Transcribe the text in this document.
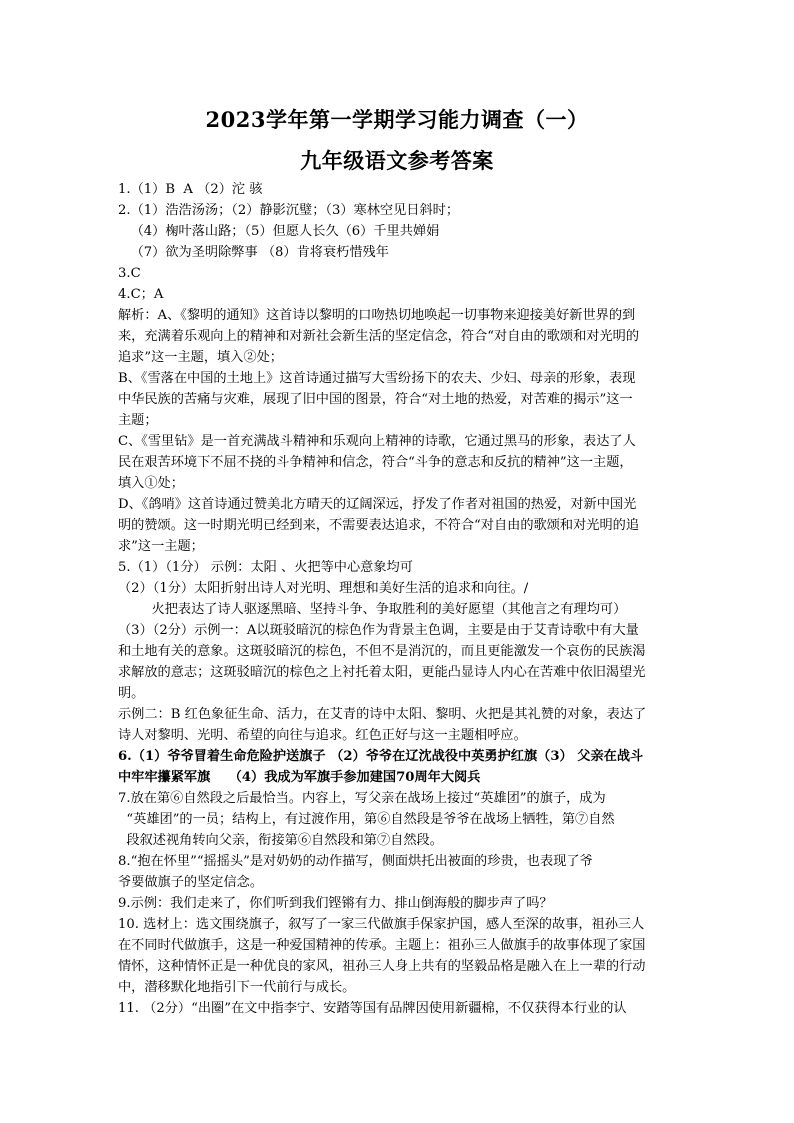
2023学年第一学期学习能力调查（一）
九年级语文参考答案
1.（1）B  A （2）沱 骇
2.（1）浩浩汤汤；（2）静影沉璧；（3）寒林空见日斜时；
（4）椈叶落山路；（5）但愿人长久（6）千里共婵娟
（7）欲为圣明除弊事 （8）肯将衰朽惜残年
3.C
4.C；A
解析：A、《黎明的通知》这首诗以黎明的口吻热切地唤起一切事物来迎接美好新世界的到
来，充满着乐观向上的精神和对新社会新生活的坚定信念，符合“对自由的歌颂和对光明的
追求”这一主题，填入②处；
B、《雪落在中国的土地上》这首诗通过描写大雪纷扬下的农夫、少妇、母亲的形象，表现
中华民族的苦痛与灾难，展现了旧中国的图景，符合“对土地的热爱，对苦难的揭示”这一
主题；
C、《雪里钻》是一首充满战斗精神和乐观向上精神的诗歌，它通过黑马的形象，表达了人
民在艰苦环境下不屈不挠的斗争精神和信念，符合“斗争的意志和反抗的精神”这一主题，
填入①处；
D、《鸽哨》这首诗通过赞美北方晴天的辽阔深远，抒发了作者对祖国的热爱，对新中国光
明的赞颂。这一时期光明已经到来，不需要表达追求，不符合“对自由的歌颂和对光明的追
求”这一主题；
5.（1）（1分） 示例：太阳 、火把等中心意象均可
（2）（1分）太阳折射出诗人对光明、理想和美好生活的追求和向往。/
火把表达了诗人驱逐黑暗、坚持斗争、争取胜利的美好愿望（其他言之有理均可）
（3）（2分）示例一：A以斑驳暗沉的棕色作为背景主色调，主要是由于艾青诗歌中有大量
和土地有关的意象。这斑驳暗沉的棕色，不但不是消沉的，而且更能激发一个哀伤的民族渴
求解放的意志；这斑驳暗沉的棕色之上衬托着太阳，更能凸显诗人内心在苦难中依旧渴望光
明。
示例二：B 红色象征生命、活力，在艾青的诗中太阳、黎明、火把是其礼赞的对象，表达了
诗人对黎明、光明、希望的向往与追求。红色正好与这一主题相呼应。
6.（1）爷爷冒着生命危险护送旗子 （2）爷爷在辽沈战役中英勇护红旗（3） 父亲在战斗
中牢牢攥紧军旗    （4）我成为军旗手参加建国70周年大阅兵
7.放在第⑥自然段之后最恰当。内容上，写父亲在战场上接过“英雄团”的旗子，成为
“英雄团”的一员；结构上，有过渡作用，第⑥自然段是爷爷在战场上牺牲，第⑦自然
段叙述视角转向父亲，衔接第⑥自然段和第⑦自然段。
8.“抱在怀里”“摇摇头”是对奶奶的动作描写，侧面烘托出被面的珍贵，也表现了爷
爷要做旗子的坚定信念。
9.示例：我们走来了，你们听到我们铿锵有力、排山倒海般的脚步声了吗？
10. 选材上：选文围绕旗子，叙写了一家三代做旗手保家护国，感人至深的故事，祖孙三人
在不同时代做旗手，这是一种爱国精神的传承。主题上：祖孙三人做旗手的故事体现了家国
情怀，这种情怀正是一种优良的家风，祖孙三人身上共有的坚毅品格是融入在上一辈的行动
中，潜移默化地指引下一代前行与成长。
11. （2分）“出圈”在文中指李宁、安踏等国有品牌因使用新疆棉，不仅获得本行业的认
